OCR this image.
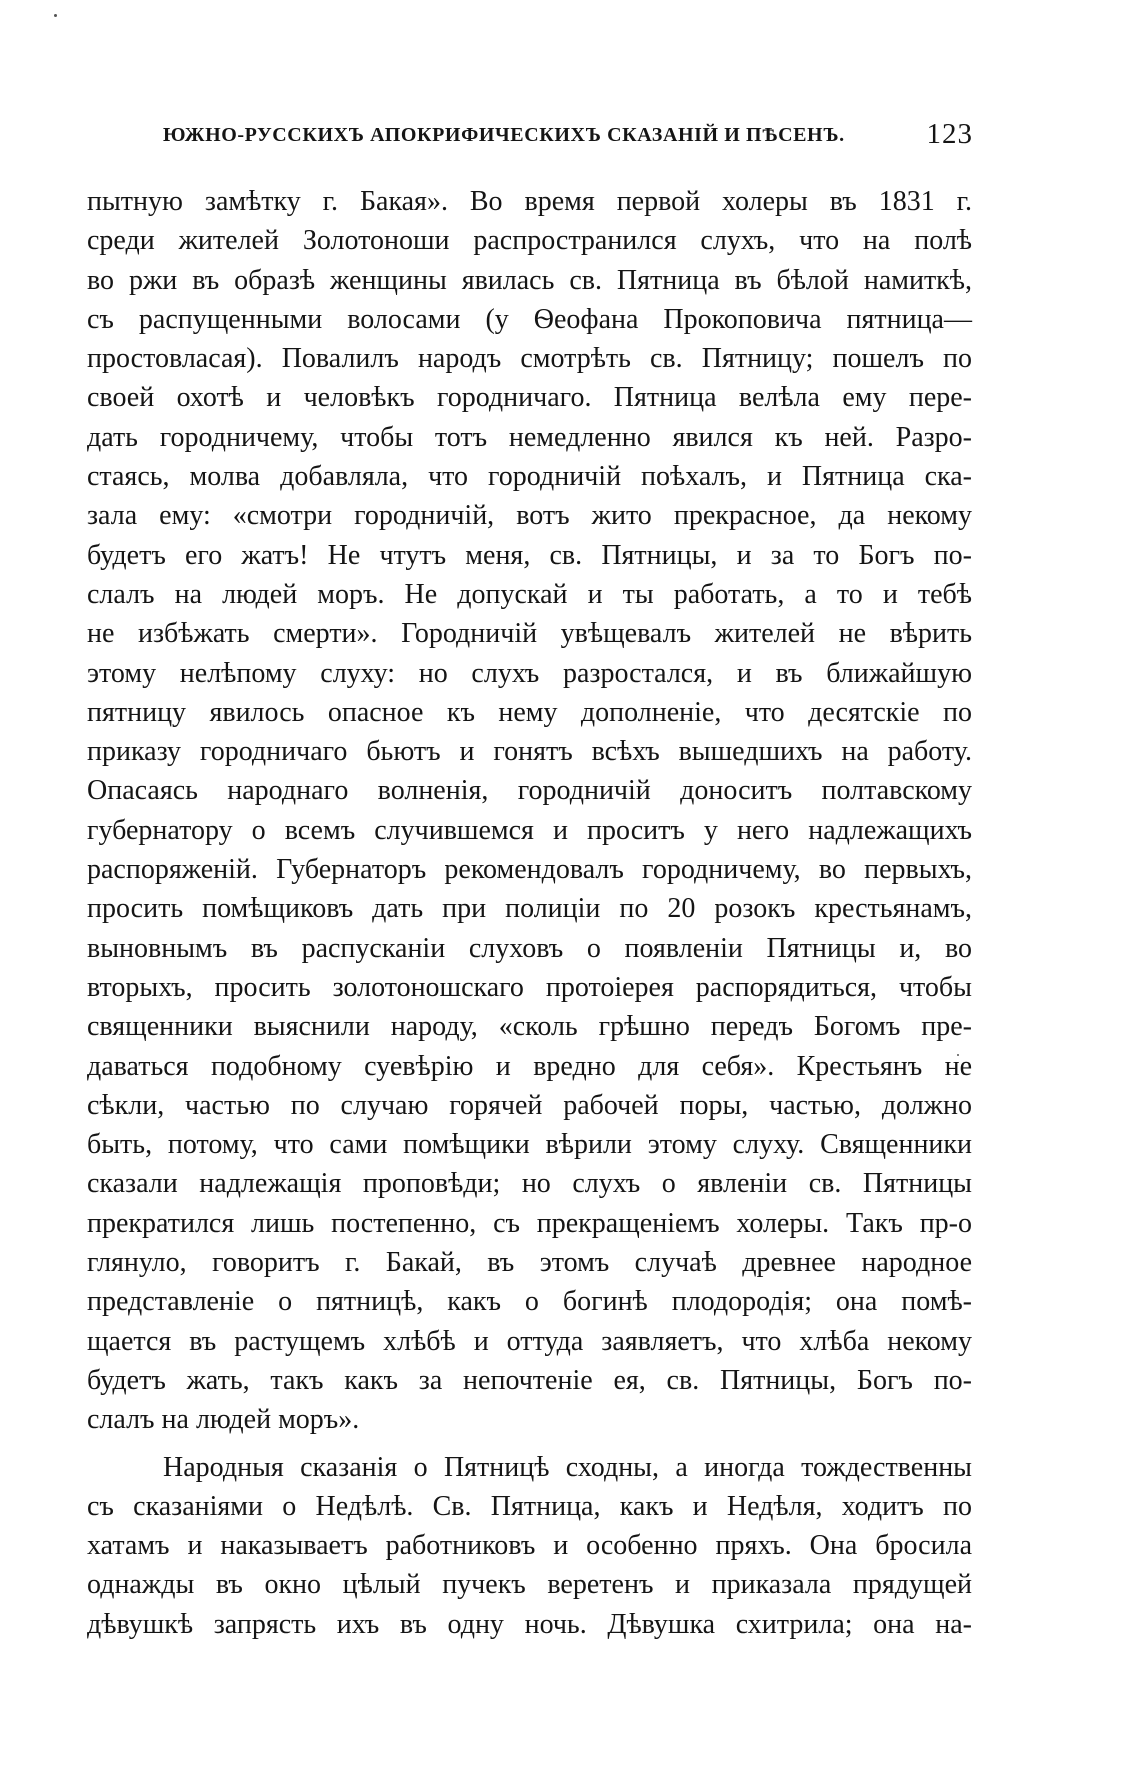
ЮЖНО-РУССКИХЪ АПОКРИФИЧЕСКИХЪ СКАЗАНІЙ И ПѢСЕНЪ.	123
пытную замѣтку г. Бакая». Во время первой холеры въ 1831 г.
среди жителей Золотоноши распространился слухъ, что на полѣ
во ржи въ образѣ женщины явилась св. Пятница въ бѣлой намиткѣ,
съ распущенными волосами (у Ѳеофана Прокоповича пятница—
простовласая). Повалилъ народъ смотрѣть св. Пятницу; пошелъ по
своей охотѣ и человѣкъ городничаго. Пятница велѣла ему пере-
дать городничему, чтобы тотъ немедленно явился къ ней. Разро-
стаясь, молва добавляла, что городничій поѣхалъ, и Пятница ска-
зала ему: «смотри городничій, вотъ жито прекрасное, да некому
будетъ его жатъ! Не чтутъ меня, св. Пятницы, и за то Богъ по-
слалъ на людей моръ. Не допускай и ты работать, а то и тебѣ
не избѣжать смерти». Городничій увѣщевалъ жителей не вѣрить
этому нелѣпому слуху: но слухъ разростался, и въ ближайшую
пятницу явилось опасное къ нему дополненіе, что десятскіе по
приказу городничаго бьютъ и гонятъ всѣхъ вышедшихъ на работу.
Опасаясь народнаго волненія, городничій доноситъ полтавскому
губернатору о всемъ случившемся и проситъ у него надлежащихъ
распоряженій. Губернаторъ рекомендовалъ городничему, во первыхъ,
просить помѣщиковъ дать при полиціи по 20 розокъ крестьянамъ,
выновнымъ въ распусканіи слуховъ о появленіи Пятницы и, во
вторыхъ, просить золотоношскаго протоіерея распорядиться, чтобы
священники выяснили народу, «сколь грѣшно передъ Богомъ пре-
даваться подобному суевѣрію и вредно для себя». Крестьянъ не
сѣкли, частью по случаю горячей рабочей поры, частью, должно
быть, потому, что сами помѣщики вѣрили этому слуху. Священники
сказали надлежащія проповѣди; но слухъ о явленіи св. Пятницы
прекратился лишь постепенно, съ прекращеніемъ холеры. Такъ пр-о
глянуло, говоритъ г. Бакай, въ этомъ случаѣ древнее народное
представленіе о пятницѣ, какъ о богинѣ плодородія; она помѣ-
щается въ растущемъ хлѣбѣ и оттуда заявляетъ, что хлѣба некому
будетъ жать, такъ какъ за непочтеніе ея, св. Пятницы, Богъ по-
слалъ на людей моръ».
Народныя сказанія о Пятницѣ сходны, а иногда тождественны
съ сказаніями о Недѣлѣ. Св. Пятница, какъ и Недѣля, ходитъ по
хатамъ и наказываетъ работниковъ и особенно пряхъ. Она бросила
однажды въ окно цѣлый пучекъ веретенъ и приказала прядущей
дѣвушкѣ запрясть ихъ въ одну ночь. Дѣвушка схитрила; она на-
